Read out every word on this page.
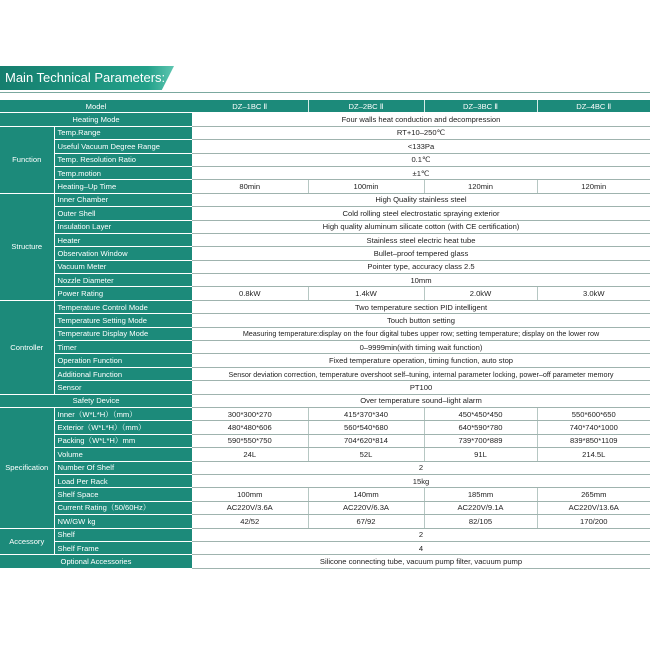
Main Technical Parameters:
Model		DZ–1BC Ⅱ	DZ–2BC Ⅱ	DZ–3BC Ⅱ	DZ–4BC Ⅱ
Heating Mode		Four walls heat conduction and decompression			
Function	Temp.Range	RT+10–250℃			
	Useful Vacuum Degree Range	<133Pa			
	Temp. Resolution Ratio	0.1℃			
	Temp.motion	±1℃			
	Heating–Up Time	80min	100min	120min	120min
Structure	Inner Chamber	High Quality stainless steel			
	Outer Shell	Cold rolling steel electrostatic spraying exterior			
	Insulation Layer	High quality aluminum silicate cotton (with CE certification)			
	Heater	Stainless steel electric heat tube			
	Observation Window	Bullet–proof tempered glass			
	Vacuum Meter	Pointer type, accuracy class 2.5			
	Nozzle Diameter	10mm			
	Power Rating	0.8kW	1.4kW	2.0kW	3.0kW
Controller	Temperature Control Mode	Two temperature section PID intelligent			
	Temperature Setting Mode	Touch button setting			
	Temperature Display Mode	Measuring temperature:display on the four digital tubes upper row; setting temperature; display on the lower row			
	Timer	0–9999min(with timing wait function)			
	Operation Function	Fixed temperature operation, timing function, auto stop			
	Additional Function	Sensor deviation correction, temperature overshoot self–tuning, internal parameter locking, power–off parameter memory			
	Sensor	PT100			
Safety Device		Over temperature sound–light alarm			
Specification	Inner（W*L*H）（mm）	300*300*270	415*370*340	450*450*450	550*600*650
	Exterior（W*L*H）（mm）	480*480*606	560*540*680	640*590*780	740*740*1000
	Packing（W*L*H）mm	590*550*750	704*620*814	739*700*889	839*850*1109
	Volume	24L	52L	91L	214.5L
	Number Of Shelf	2			
	Load Per Rack	15kg			
	Shelf Space	100mm	140mm	185mm	265mm
	Current Rating（50/60Hz）	AC220V/3.6A	AC220V/6.3A	AC220V/9.1A	AC220V/13.6A
	NW/GW kg	42/52	67/92	82/105	170/200
Accessory	Shelf	2			
	Shelf Frame	4			
Optional Accessories		Silicone connecting tube, vacuum pump filter, vacuum pump			
